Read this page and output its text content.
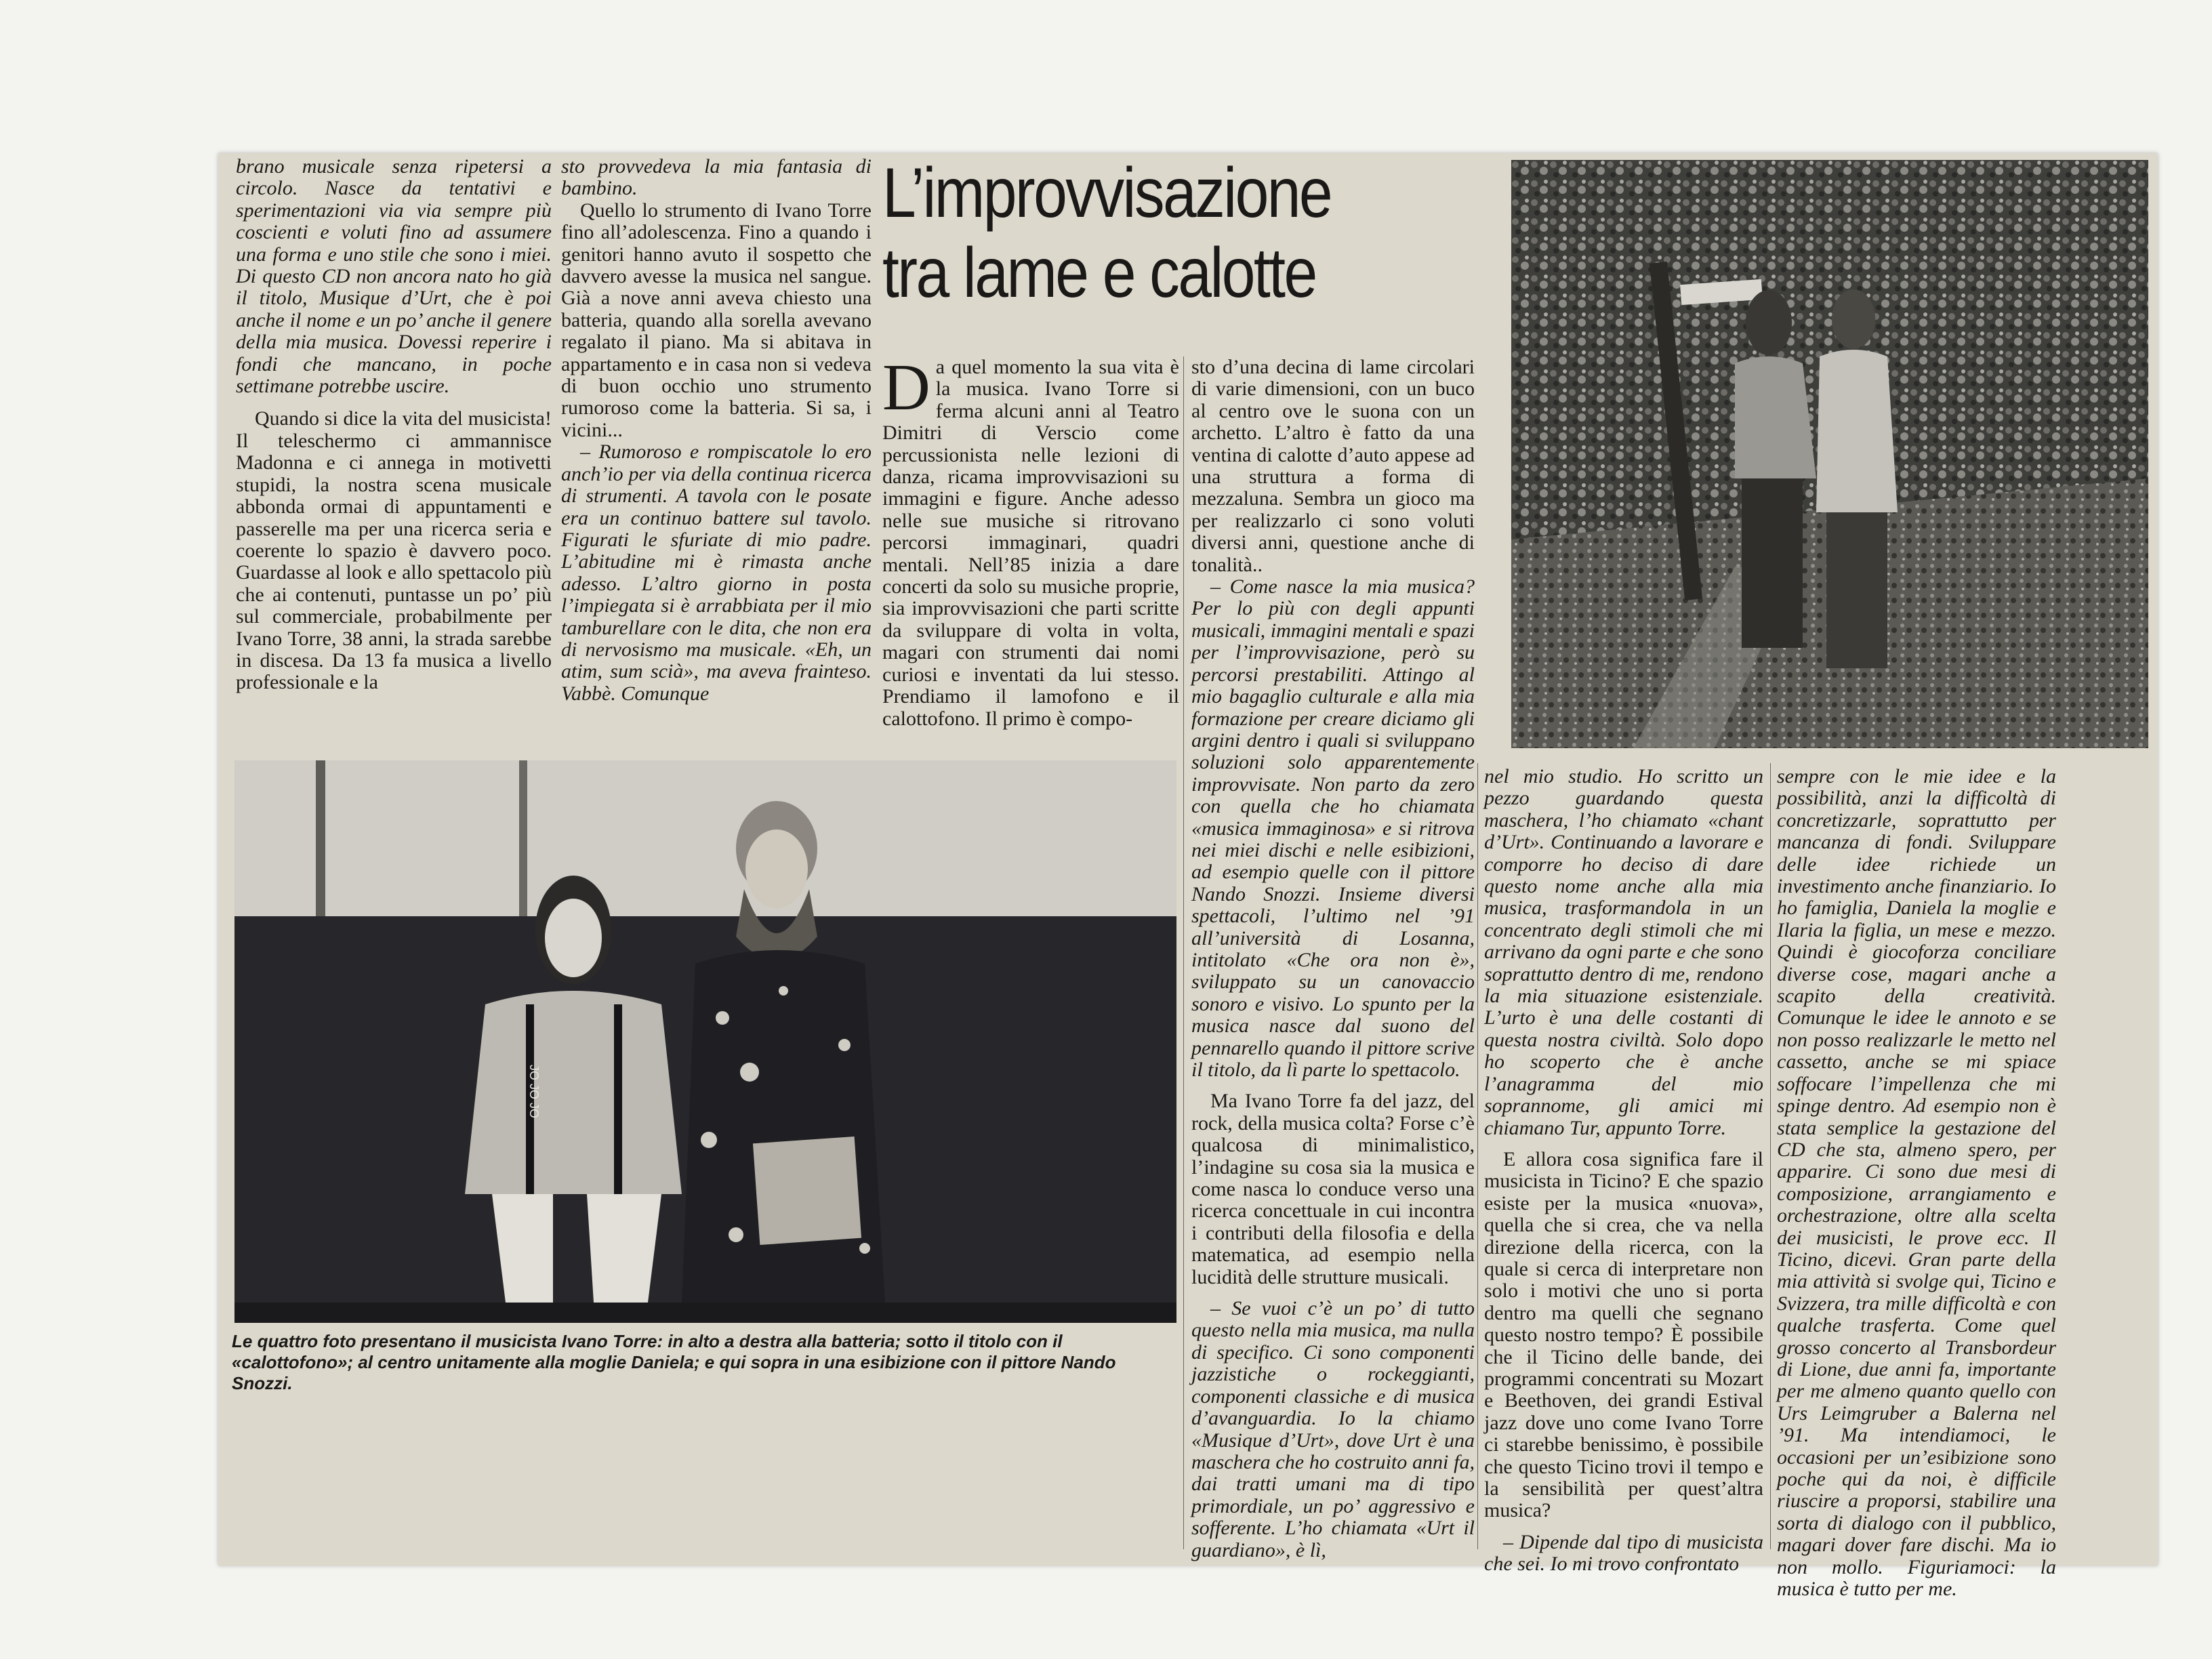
brano musicale senza ripetersi a circolo. Nasce da tentativi e sperimentazioni via via sempre più coscienti e voluti fino ad assumere una forma e uno stile che sono i miei. Di questo CD non ancora nato ho già il titolo, Musique d’Urt, che è poi anche il nome e un po’ anche il genere della mia musica. Dovessi reperire i fondi che mancano, in poche settimane potrebbe uscire.

Quando si dice la vita del musicista! Il teleschermo ci ammannisce Madonna e ci annega in motivetti stupidi, la nostra scena musicale abbonda ormai di appuntamenti e passerelle ma per una ricerca seria e coerente lo spazio è davvero poco. Guardasse al look e allo spettacolo più che ai contenuti, puntasse un po’ più sul commerciale, probabilmente per Ivano Torre, 38 anni, la strada sarebbe in discesa. Da 13 fa musica a livello professionale e la

sto provvedeva la mia fantasia di bambino.

Quello lo strumento di Ivano Torre fino all’adolescenza. Fino a quando i genitori hanno avuto il sospetto che davvero avesse la musica nel sangue. Già a nove anni aveva chiesto una batteria, quando alla sorella avevano regalato il piano. Ma si abitava in appartamento e in casa non si vedeva di buon occhio uno strumento rumoroso come la batteria. Si sa, i vicini...

– Rumoroso e rompiscatole lo ero anch’io per via della continua ricerca di strumenti. A tavola con le posate era un continuo battere sul tavolo. Figurati le sfuriate di mio padre. L’abitudine mi è rimasta anche adesso. L’altro giorno in posta l’impiegata si è arrabbiata per il mio tamburellare con le dita, che non era di nervosismo ma musicale. «Eh, un atim, sum scià», ma aveva frainteso. Vabbè. Comunque

L’improvvisazione
tra lame e calotte

Da quel momento la sua vita è la musica. Ivano Torre si ferma alcuni anni al Teatro Dimitri di Verscio come percussionista nelle lezioni di danza, ricama improvvisazioni su immagini e figure. Anche adesso nelle sue musiche si ritrovano percorsi immaginari, quadri mentali. Nell’85 inizia a dare concerti da solo su musiche proprie, sia improvvisazioni che parti scritte da sviluppare di volta in volta, magari con strumenti dai nomi curiosi e inventati da lui stesso. Prendiamo il lamofono e il calottofono. Il primo è compo-

sto d’una decina di lame circolari di varie dimensioni, con un buco al centro ove le suona con un archetto. L’altro è fatto da una ventina di calotte d’auto appese ad una struttura a forma di mezzaluna. Sembra un gioco ma per realizzarlo ci sono voluti diversi anni, questione anche di tonalità..

– Come nasce la mia musica? Per lo più con degli appunti musicali, immagini mentali e spazi per l’improvvisazione, però su percorsi prestabiliti. Attingo al mio bagaglio culturale e alla mia formazione per creare diciamo gli argini dentro i quali si sviluppano soluzioni solo apparentemente improvvisate. Non parto da zero con quella che ho chiamata «musica immaginosa» e si ritrova nei miei dischi e nelle esibizioni, ad esempio quelle con il pittore Nando Snozzi. Insieme diversi spettacoli, l’ultimo nel ’91 all’università di Losanna, intitolato «Che ora non è», sviluppato su un canovaccio sonoro e visivo. Lo spunto per la musica nasce dal suono del pennarello quando il pittore scrive il titolo, da lì parte lo spettacolo.

Ma Ivano Torre fa del jazz, del rock, della musica colta? Forse c’è qualcosa di minimalistico, l’indagine su cosa sia la musica e come nasca lo conduce verso una ricerca concettuale in cui incontra i contributi della filosofia e della matematica, ad esempio nella lucidità delle strutture musicali.

– Se vuoi c’è un po’ di tutto questo nella mia musica, ma nulla di specifico. Ci sono componenti jazzistiche o rockeggianti, componenti classiche e di musica d’avanguardia. Io la chiamo «Musique d’Urt», dove Urt è una maschera che ho costruito anni fa, dai tratti umani ma di tipo primordiale, un po’ aggressivo e sofferente. L’ho chiamata «Urt il guardiano», è lì,

nel mio studio. Ho scritto un pezzo guardando questa maschera, l’ho chiamato «chant d’Urt». Continuando a lavorare e comporre ho deciso di dare questo nome anche alla mia musica, trasformandola in un concentrato degli stimoli che mi arrivano da ogni parte e che sono soprattutto dentro di me, rendono la mia situazione esistenziale. L’urto è una delle costanti di questa nostra civiltà. Solo dopo ho scoperto che è anche l’anagramma del mio soprannome, gli amici mi chiamano Tur, appunto Torre.

E allora cosa significa fare il musicista in Ticino? E che spazio esiste per la musica «nuova», quella che si crea, che va nella direzione della ricerca, con la quale si cerca di interpretare non solo i motivi che uno si porta dentro ma quelli che segnano questo nostro tempo? È possibile che il Ticino delle bande, dei programmi concentrati su Mozart e Beethoven, dei grandi Estival jazz dove uno come Ivano Torre ci starebbe benissimo, è possibile che questo Ticino trovi il tempo e la sensibilità per quest’altra musica?

– Dipende dal tipo di musicista che sei. Io mi trovo confrontato

sempre con le mie idee e la possibilità, anzi la difficoltà di concretizzarle, soprattutto per mancanza di fondi. Sviluppare delle idee richiede un investimento anche finanziario. Io ho famiglia, Daniela la moglie e Ilaria la figlia, un mese e mezzo. Quindi è giocoforza conciliare diverse cose, magari anche a scapito della creatività. Comunque le idee le annoto e se non posso realizzarle le metto nel cassetto, anche se mi spiace soffocare l’impellenza che mi spinge dentro. Ad esempio non è stata semplice la gestazione del CD che sta, almeno spero, per apparire. Ci sono due mesi di composizione, arrangiamento e orchestrazione, oltre alla scelta dei musicisti, le prove ecc. Il Ticino, dicevi. Gran parte della mia attività si svolge qui, Ticino e Svizzera, tra mille difficoltà e con qualche trasferta. Come quel grosso concerto al Transbordeur di Lione, due anni fa, importante per me almeno quanto quello con Urs Leimgruber a Balerna nel ’91. Ma intendiamoci, le occasioni per un’esibizione sono poche qui da noi, è difficile riuscire a proporsi, stabilire una sorta di dialogo con il pubblico, magari dover fare dischi. Ma io non mollo. Figuriamoci: la musica è tutto per me.

JO JO JO
Le quattro foto presentano il musicista Ivano Torre: in alto a destra alla batteria; sotto il titolo con il «calottofono»; al centro unitamente alla moglie Daniela; e qui sopra in una esibizione con il pittore Nando Snozzi.
